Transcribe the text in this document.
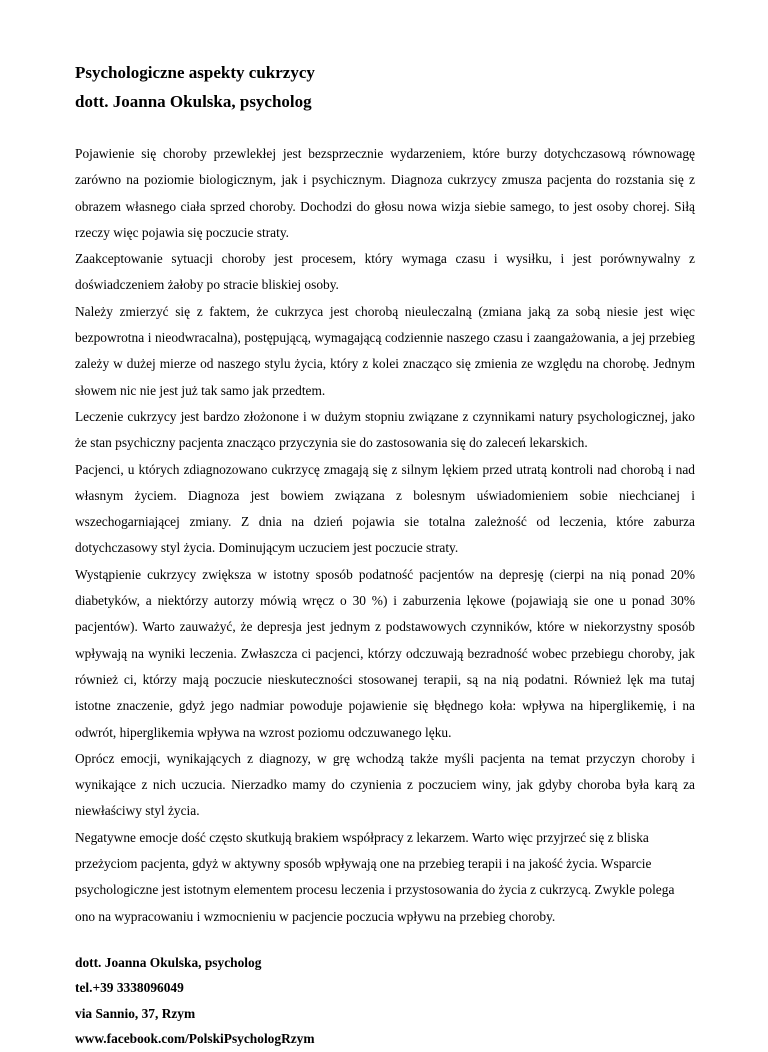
Psychologiczne aspekty cukrzycy
dott. Joanna Okulska, psycholog

Pojawienie się choroby przewlekłej jest bezsprzecznie wydarzeniem, które burzy dotychczasową równowagę zarówno na poziomie biologicznym, jak i psychicznym. Diagnoza cukrzycy zmusza pacjenta do rozstania się z obrazem własnego ciała sprzed choroby. Dochodzi do głosu nowa wizja siebie samego, to jest osoby chorej. Siłą rzeczy więc pojawia się poczucie straty.

Zaakceptowanie sytuacji choroby jest procesem, który wymaga czasu i wysiłku, i jest porównywalny z doświadczeniem żałoby po stracie bliskiej osoby.

Należy zmierzyć się z faktem, że cukrzyca jest chorobą nieuleczalną (zmiana jaką za sobą niesie jest więc bezpowrotna i nieodwracalna), postępującą, wymagającą codziennie naszego czasu i zaangażowania, a jej przebieg zależy w dużej mierze od naszego stylu życia, który z kolei znacząco się zmienia ze względu na chorobę. Jednym słowem nic nie jest już tak samo jak przedtem.

Leczenie cukrzycy jest bardzo złożonone i w dużym stopniu związane z czynnikami natury psychologicznej, jako że stan psychiczny pacjenta znacząco przyczynia sie do zastosowania się do zaleceń lekarskich.

Pacjenci, u których zdiagnozowano cukrzycę zmagają się z silnym lękiem przed utratą kontroli nad chorobą i nad własnym życiem. Diagnoza jest bowiem związana z bolesnym uświadomieniem sobie niechcianej i wszechogarniającej zmiany. Z dnia na dzień pojawia sie totalna zależność od leczenia, które zaburza dotychczasowy styl życia. Dominującym uczuciem jest poczucie straty.

Wystąpienie cukrzycy zwiększa w istotny sposób podatność pacjentów na depresję (cierpi na nią ponad 20% diabetyków, a niektórzy autorzy mówią wręcz o 30 %) i zaburzenia lękowe (pojawiają sie one u ponad 30% pacjentów). Warto zauważyć, że depresja jest jednym z podstawowych czynników, które w niekorzystny sposób wpływają na wyniki leczenia. Zwłaszcza ci pacjenci, którzy odczuwają bezradność wobec przebiegu choroby, jak również ci, którzy mają poczucie nieskuteczności stosowanej terapii, są na nią podatni. Również lęk ma tutaj istotne znaczenie, gdyż jego nadmiar powoduje pojawienie się błędnego koła: wpływa na hiperglikemię, i na odwrót, hiperglikemia wpływa na wzrost poziomu odczuwanego lęku.

Oprócz emocji, wynikających z diagnozy, w grę wchodzą także myśli pacjenta na temat przyczyn choroby i wynikające z nich uczucia. Nierzadko mamy do czynienia z poczuciem winy, jak gdyby choroba była karą za niewłaściwy styl życia.

Negatywne emocje dość często skutkują brakiem współpracy z lekarzem. Warto więc przyjrzeć się z bliska przeżyciom pacjenta, gdyż w aktywny sposób wpływają one na przebieg terapii i na jakość życia. Wsparcie psychologiczne jest istotnym elementem procesu leczenia i przystosowania do życia z cukrzycą. Zwykle polega ono na wypracowaniu i wzmocnieniu w pacjencie poczucia wpływu na przebieg choroby.

dott. Joanna Okulska, psycholog
tel.+39 3338096049
via Sannio, 37, Rzym
www.facebook.com/PolskiPsychologRzym
